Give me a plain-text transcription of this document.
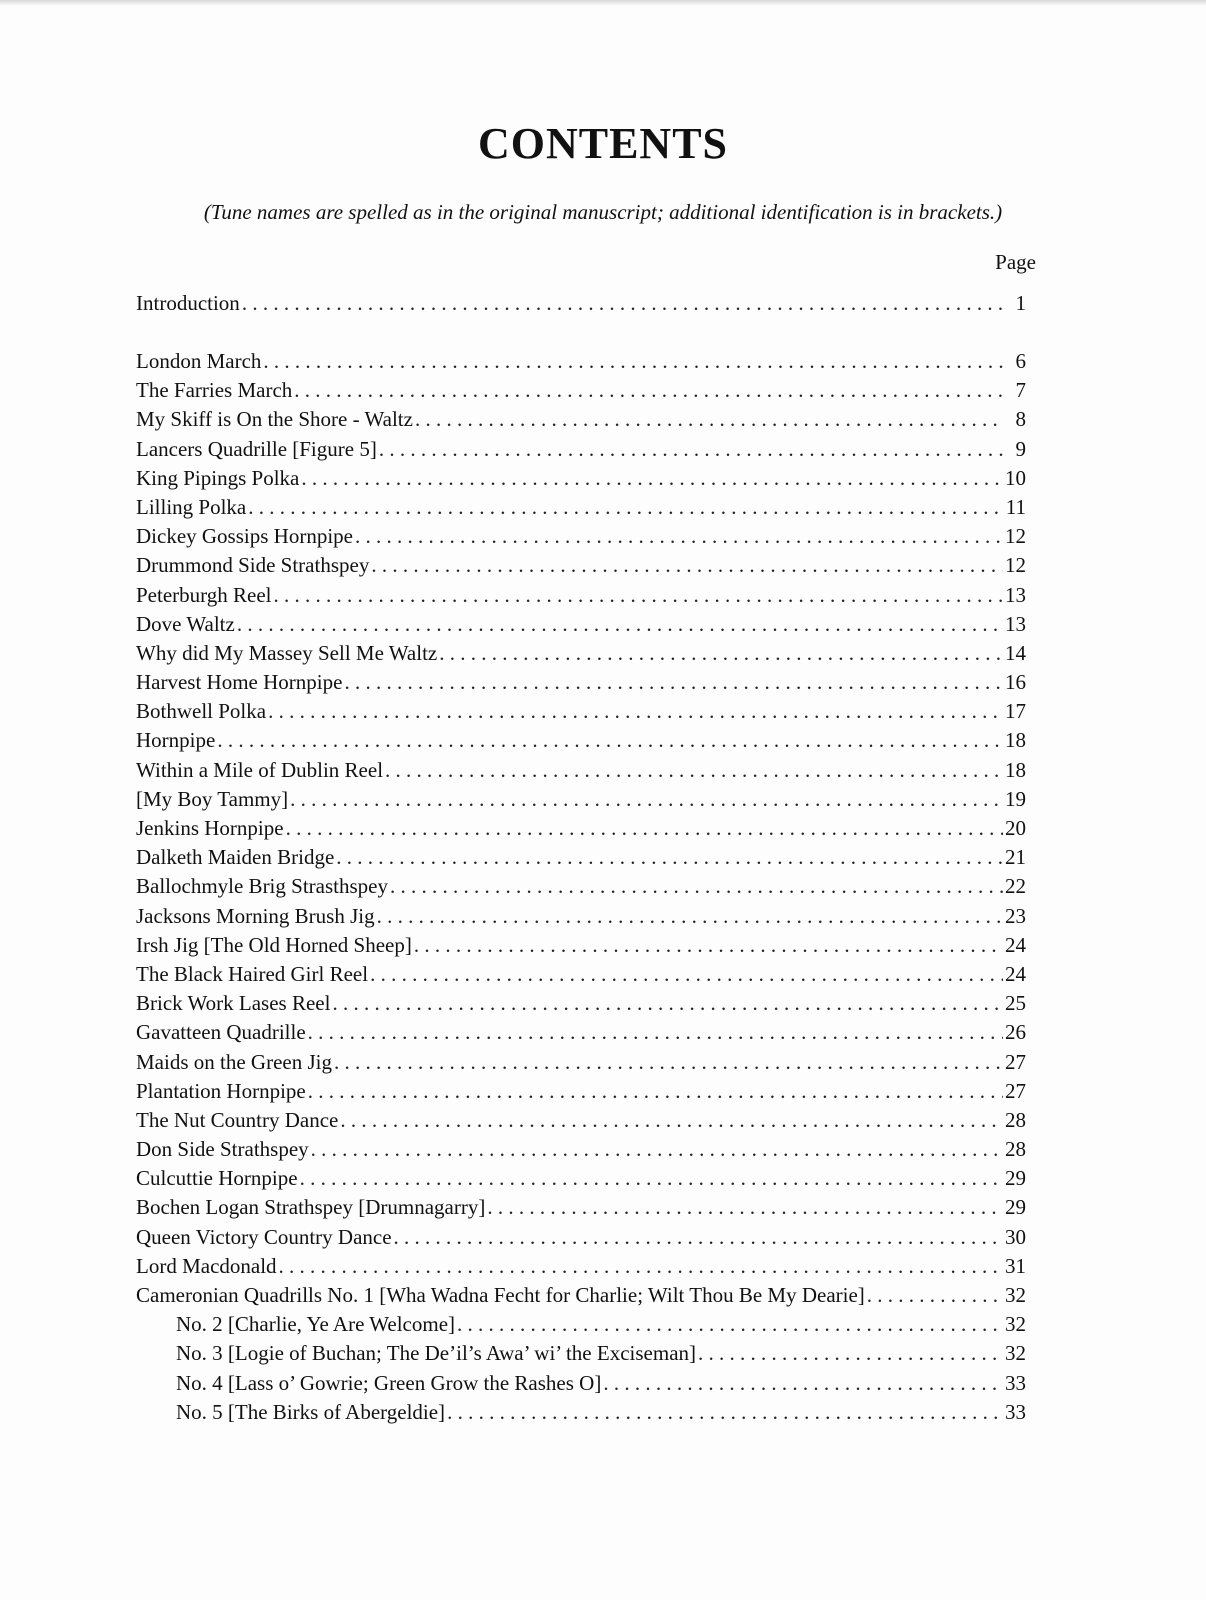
CONTENTS

(Tune names are spelled as in the original manuscript; additional identification is in brackets.)

Page
Introduction . . .	1
London March . . .	6
The Farries March . . .	7
My Skiff is On the Shore - Waltz . . .	8
Lancers Quadrille [Figure 5] . . .	9
King Pipings Polka . . .	10
Lilling Polka . . .	11
Dickey Gossips Hornpipe . . .	12
Drummond Side Strathspey . . .	12
Peterburgh Reel . . .	13
Dove Waltz . . .	13
Why did My Massey Sell Me Waltz . . .	14
Harvest Home Hornpipe . . .	16
Bothwell Polka . . .	17
Hornpipe . . .	18
Within a Mile of Dublin Reel . . .	18
[My Boy Tammy] . . .	19
Jenkins Hornpipe . . .	20
Dalketh Maiden Bridge . . .	21
Ballochmyle Brig Strasthspey . . .	22
Jacksons Morning Brush Jig . . .	23
Irsh Jig [The Old Horned Sheep] . . .	24
The Black Haired Girl Reel . . .	24
Brick Work Lases Reel . . .	25
Gavatteen Quadrille . . .	26
Maids on the Green Jig . . .	27
Plantation Hornpipe . . .	27
The Nut Country Dance . . .	28
Don Side Strathspey . . .	28
Culcuttie Hornpipe . . .	29
Bochen Logan Strathspey [Drumnagarry] . . .	29
Queen Victory Country Dance . . .	30
Lord Macdonald . . .	31
Cameronian Quadrills No. 1 [Wha Wadna Fecht for Charlie; Wilt Thou Be My Dearie] . . .	32
No. 2 [Charlie, Ye Are Welcome] . . .	32
No. 3 [Logie of Buchan; The De’il’s Awa’ wi’ the Exciseman] . . .	32
No. 4 [Lass o’ Gowrie; Green Grow the Rashes O] . . .	33
No. 5 [The Birks of Abergeldie] . . .	33
